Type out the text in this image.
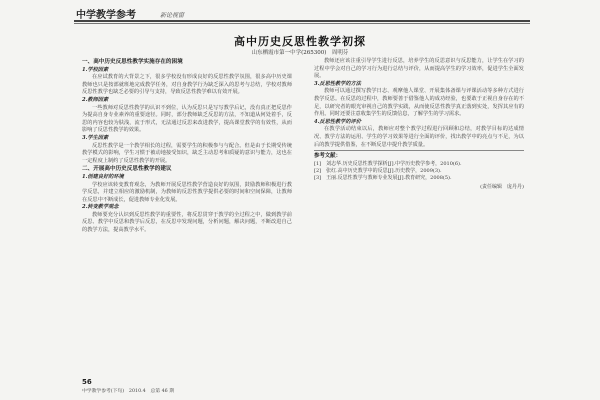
中学教学参考	新论视窗
高中历史反思性教学初探
山东栖霞市第一中学(265300)　周明芬

一、高中历史反思性教学实施存在的困境

1.学校因素

在应试教育的大背景之下，很多学校没有形成良好的反思性教学氛围，很多高中历史课教师也只是按部就班地完成教学任务，对自身教学行为缺乏深入的思考与总结，学校对教师反思性教学也缺乏必要的引导与支持，导致反思性教学难以有效开展。

2.教师因素

一些教师对反思性教学的认识不到位，认为反思只是写写教学后记，没有真正把反思作为提高自身专业素养的重要途径。同时，部分教师缺乏反思的方法，不知道从何处着手，反思的内容也较为肤浅，流于形式，无法通过反思来改进教学，提高课堂教学的有效性，从而影响了反思性教学的效果。

3.学生因素

反思性教学是一个教学相长的过程，需要学生的积极参与与配合。但是由于长期受传统教学模式的影响，学生习惯于被动地接受知识，缺乏主动思考和质疑的意识与能力，这也在一定程度上制约了反思性教学的开展。

二、开展高中历史反思性教学的建议

1.创建良好的环境

学校应该转变教育观念，为教师开展反思性教学营造良好的氛围，鼓励教师积极进行教学反思，并建立相应的激励机制，为教师的反思性教学提供必要的时间和空间保障，让教师在反思中不断成长，促进教师专业化发展。

2.转变教学观念

教师要充分认识到反思性教学的重要性，将反思贯穿于教学的全过程之中，做到教学前反思、教学中反思和教学后反思，在反思中发现问题，分析问题，解决问题，不断改进自己的教学方法，提高教学水平。

教师还应该注重引导学生进行反思，培养学生的反思意识与反思能力，让学生在学习的过程中学会对自己的学习行为进行总结与评价，从而提高学生的学习效率，促进学生全面发展。

3.反思性教学的方法

教师可以通过撰写教学日志、观摩他人课堂、开展集体备课与评课活动等多种方式进行教学反思。在反思的过程中，教师要善于借鉴他人的成功经验，也要敢于正视自身存在的不足，以研究者的眼光审视自己的教学实践，从而使反思性教学真正落到实处，发挥其应有的作用。同时还要注意收集学生的反馈信息，了解学生的学习需求。

4.反思性教学的评价

在教学活动结束以后，教师应对整个教学过程进行回顾和总结，对教学目标的达成情况、教学方法的运用、学生的学习效果等进行全面的评价，找出教学中的亮点与不足，为以后的教学提供借鉴，在不断反思中提升教学质量。

参考文献：

[1]　刘志华.历史反思性教学探析[J].中学历史教学参考，2010(6).

[2]　张红.高中历史教学中的反思[J].历史教学，2009(3).

[3]　王丽.反思性教学与教师专业发展[J].教育研究，2008(5).

(责任编辑　庞丹丹)
56
中学教学参考(下旬)　2010.4　总第 46 期
